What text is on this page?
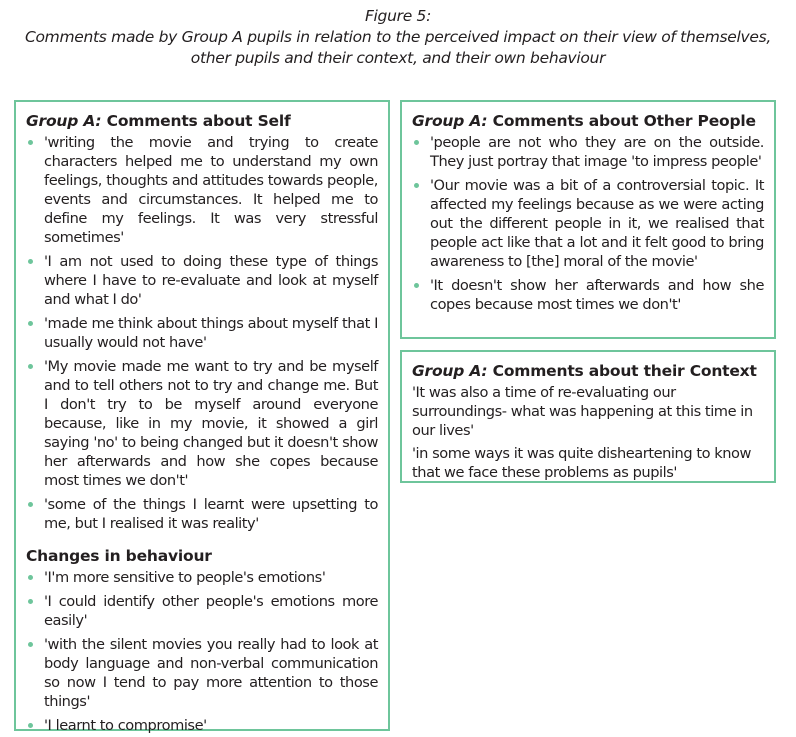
Figure 5:
Comments made by Group A pupils in relation to the perceived impact on their view of themselves,
other pupils and their context, and their own behaviour
Group A: Comments about Self
'writing the movie and trying to create characters helped me to understand my own feelings, thoughts and attitudes towards people, events and circumstances. It helped me to define my feelings. It was very stressful sometimes'
'I am not used to doing these type of things where I have to re-evaluate and look at myself and what I do'
'made me think about things about myself that I usually would not have'
'My movie made me want to try and be myself and to tell others not to try and change me. But I don't try to be myself around everyone because, like in my movie, it showed a girl saying 'no' to being changed but it doesn't show her afterwards and how she copes because most times we don't'
'some of the things I learnt were upsetting to me, but I realised it was reality'
Changes in behaviour
'I'm more sensitive to people's emotions'
'I could identify other people's emotions more easily'
'with the silent movies you really had to look at body language and non-verbal communication so now I tend to pay more attention to those things'
'I learnt to compromise'
Group A: Comments about Other People
'people are not who they are on the outside. They just portray that image 'to impress people'
'Our movie was a bit of a controversial topic. It affected my feelings because as we were acting out the different people in it, we realised that people act like that a lot and it felt good to bring awareness to [the] moral of the movie'
'It doesn't show her afterwards and how she copes because most times we don't'
Group A: Comments about their Context

'It was also a time of re-evaluating our surroundings- what was happening at this time in our lives'

'in some ways it was quite disheartening to know that we face these problems as pupils'
